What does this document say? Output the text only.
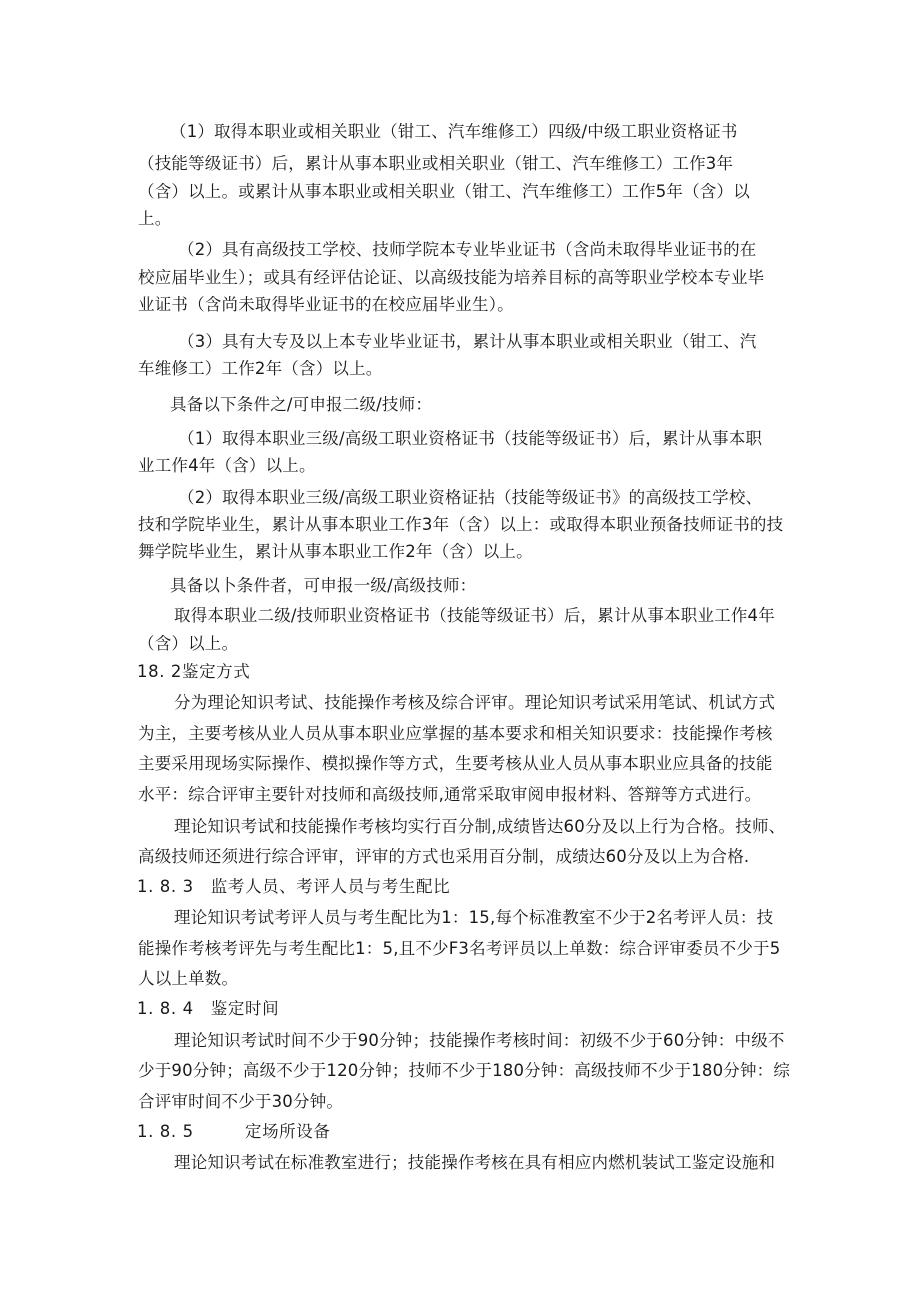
（1）取得本职业或相关职业（钳工、汽车维修工）四级/中级工职业资格证书
（技能等级证书）后，累计从事本职业或相关职业（钳工、汽车维修工）工作3年
（含）以上。或累计从事本职业或相关职业（钳工、汽车维修工）工作5年（含）以
上。
（2）具有高级技工学校、技师学院本专业毕业证书（含尚未取得毕业证书的在
校应届毕业生）；或具有经评估论证、以高级技能为培养目标的高等职业学校本专业毕
业证书（含尚未取得毕业证书的在校应届毕业生）。
（3）具有大专及以上本专业毕业证书，累计从事本职业或相关职业（钳工、汽
车维修工）工作2年（含）以上。
具备以下条件之/可申报二级/技师：
（1）取得本职业三级/高级工职业资格证书（技能等级证书）后，累计从事本职
业工作4年（含）以上。
（2）取得本职业三级/高级工职业资格证拈（技能等级证书》的高级技工学校、
技和学院毕业生，累计从事本职业工作3年（含）以上：或取得本职业预备技师证书的技
舞学院毕业生，累计从事本职业工作2年（含）以上。
具备以卜条件者，可申报一级/高级技师：
取得本职业二级/技师职业资格证书（技能等级证书）后，累计从事本职业工作4年
（含）以上。
18. 2鉴定方式
分为理论知识考试、技能操作考核及综合评审。理论知识考试采用笔试、机试方式
为主，主要考核从业人员从事本职业应掌握的基本要求和相关知识要求：技能操作考核
主要采用现场实际操作、模拟操作等方式，生要考核从业人员从事本职业应具备的技能
水平：综合评审主要针对技师和高级技师,通常采取审阅申报材料、答辩等方式进行。
理论知识考试和技能操作考核均实行百分制,成绩皆达60分及以上行为合格。技师、
高级技师还须进行综合评审，评审的方式也采用百分制，成绩达60分及以上为合格.
1. 8. 3　监考人员、考评人员与考生配比
理论知识考试考评人员与考生配比为1：15,每个标准教室不少于2名考评人员：技
能操作考核考评先与考生配比1：5,且不少F3名考评员以上单数：综合评审委员不少于5
人以上单数。
1. 8. 4　鉴定时间
理论知识考试时间不少于90分钟；技能操作考核时间：初级不少于60分钟：中级不
少于90分钟；高级不少于120分钟；技师不少于180分钟：高级技师不少于180分钟：综
合评审时间不少于30分钟。
1. 8. 5　　　定场所设备
理论知识考试在标准教室进行；技能操作考核在具有相应内燃机装试工鉴定设施和
